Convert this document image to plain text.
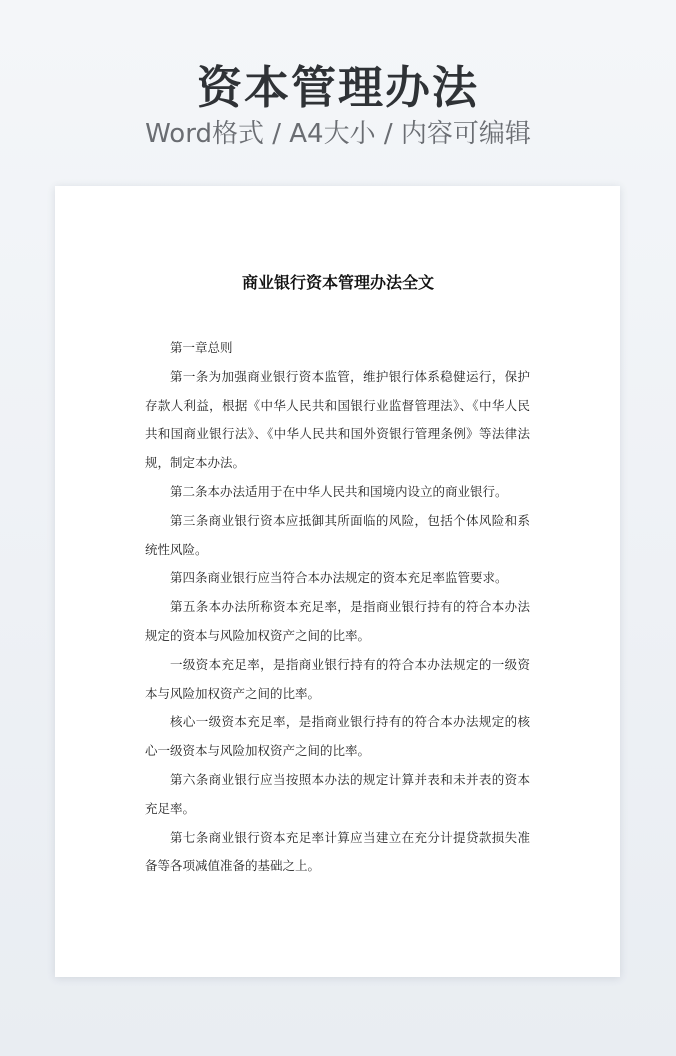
资本管理办法
Word格式 / A4大小 / 内容可编辑
商业银行资本管理办法全文

第一章总则

第一条为加强商业银行资本监管，维护银行体系稳健运行，保护存款人利益，根据《中华人民共和国银行业监督管理法》、《中华人民共和国商业银行法》、《中华人民共和国外资银行管理条例》等法律法规，制定本办法。

第二条本办法适用于在中华人民共和国境内设立的商业银行。

第三条商业银行资本应抵御其所面临的风险，包括个体风险和系统性风险。

第四条商业银行应当符合本办法规定的资本充足率监管要求。

第五条本办法所称资本充足率，是指商业银行持有的符合本办法规定的资本与风险加权资产之间的比率。

一级资本充足率，是指商业银行持有的符合本办法规定的一级资本与风险加权资产之间的比率。

核心一级资本充足率，是指商业银行持有的符合本办法规定的核心一级资本与风险加权资产之间的比率。

第六条商业银行应当按照本办法的规定计算并表和未并表的资本充足率。

第七条商业银行资本充足率计算应当建立在充分计提贷款损失准备等各项减值准备的基础之上。
